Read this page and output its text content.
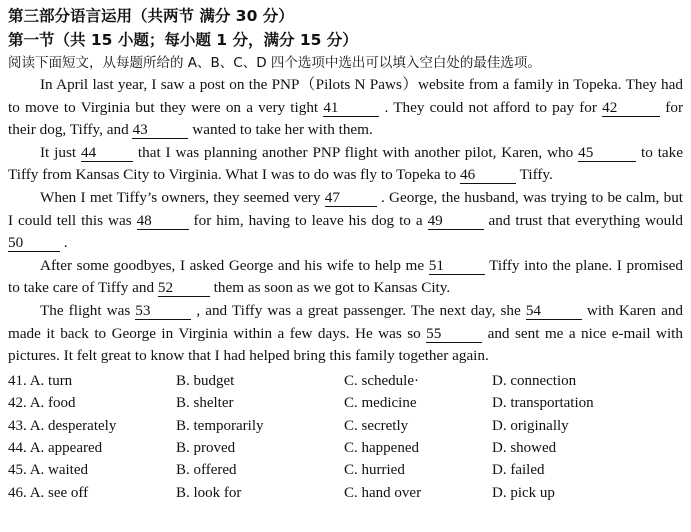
第三部分语言运用（共两节 满分 30 分）
第一节（共 15 小题；每小题 1 分，满分 15 分）
阅读下面短文，从每题所给的 A、B、C、D 四个选项中选出可以填入空白处的最佳选项。

In April last year, I saw a post on the PNP（Pilots N Paws）website from a family in Topeka. They had to move to Virginia but they were on a very tight 41	. They could not afford to pay for 42	for their dog, Tiffy, and 43	wanted to take her with them.

It just 44 that I was planning another PNP flight with another pilot, Karen, who 45	to take Tiffy from Kansas City to Virginia. What I was to do was fly to Topeka to 46	Tiffy.

When I met Tiffy’s owners, they seemed very 47 . George, the husband, was trying to be calm, but I could tell this was 48 for him, having to leave his dog to a 49	and trust that everything would 50 .

After some goodbyes, I asked George and his wife to help me 51	Tiffy into the plane. I promised to take care of Tiffy and 52 them as soon as we got to Kansas City.

The flight was 53	, and Tiffy was a great passenger. The next day, she 54	with Karen and made it back to George in Virginia within a few days. He was so 55	and sent me a nice e-mail with pictures. It felt great to know that I had helped bring this family together again.

41. A. turn	B. budget	C. schedule·	D. connection
42. A. food	B. shelter	C. medicine	D. transportation
43. A. desperately	B. temporarily	C. secretly	D. originally
44. A. appeared	B. proved	C. happened	D. showed
45. A. waited	B. offered	C. hurried	D. failed
46. A. see off	B. look for	C. hand over	D. pick up
